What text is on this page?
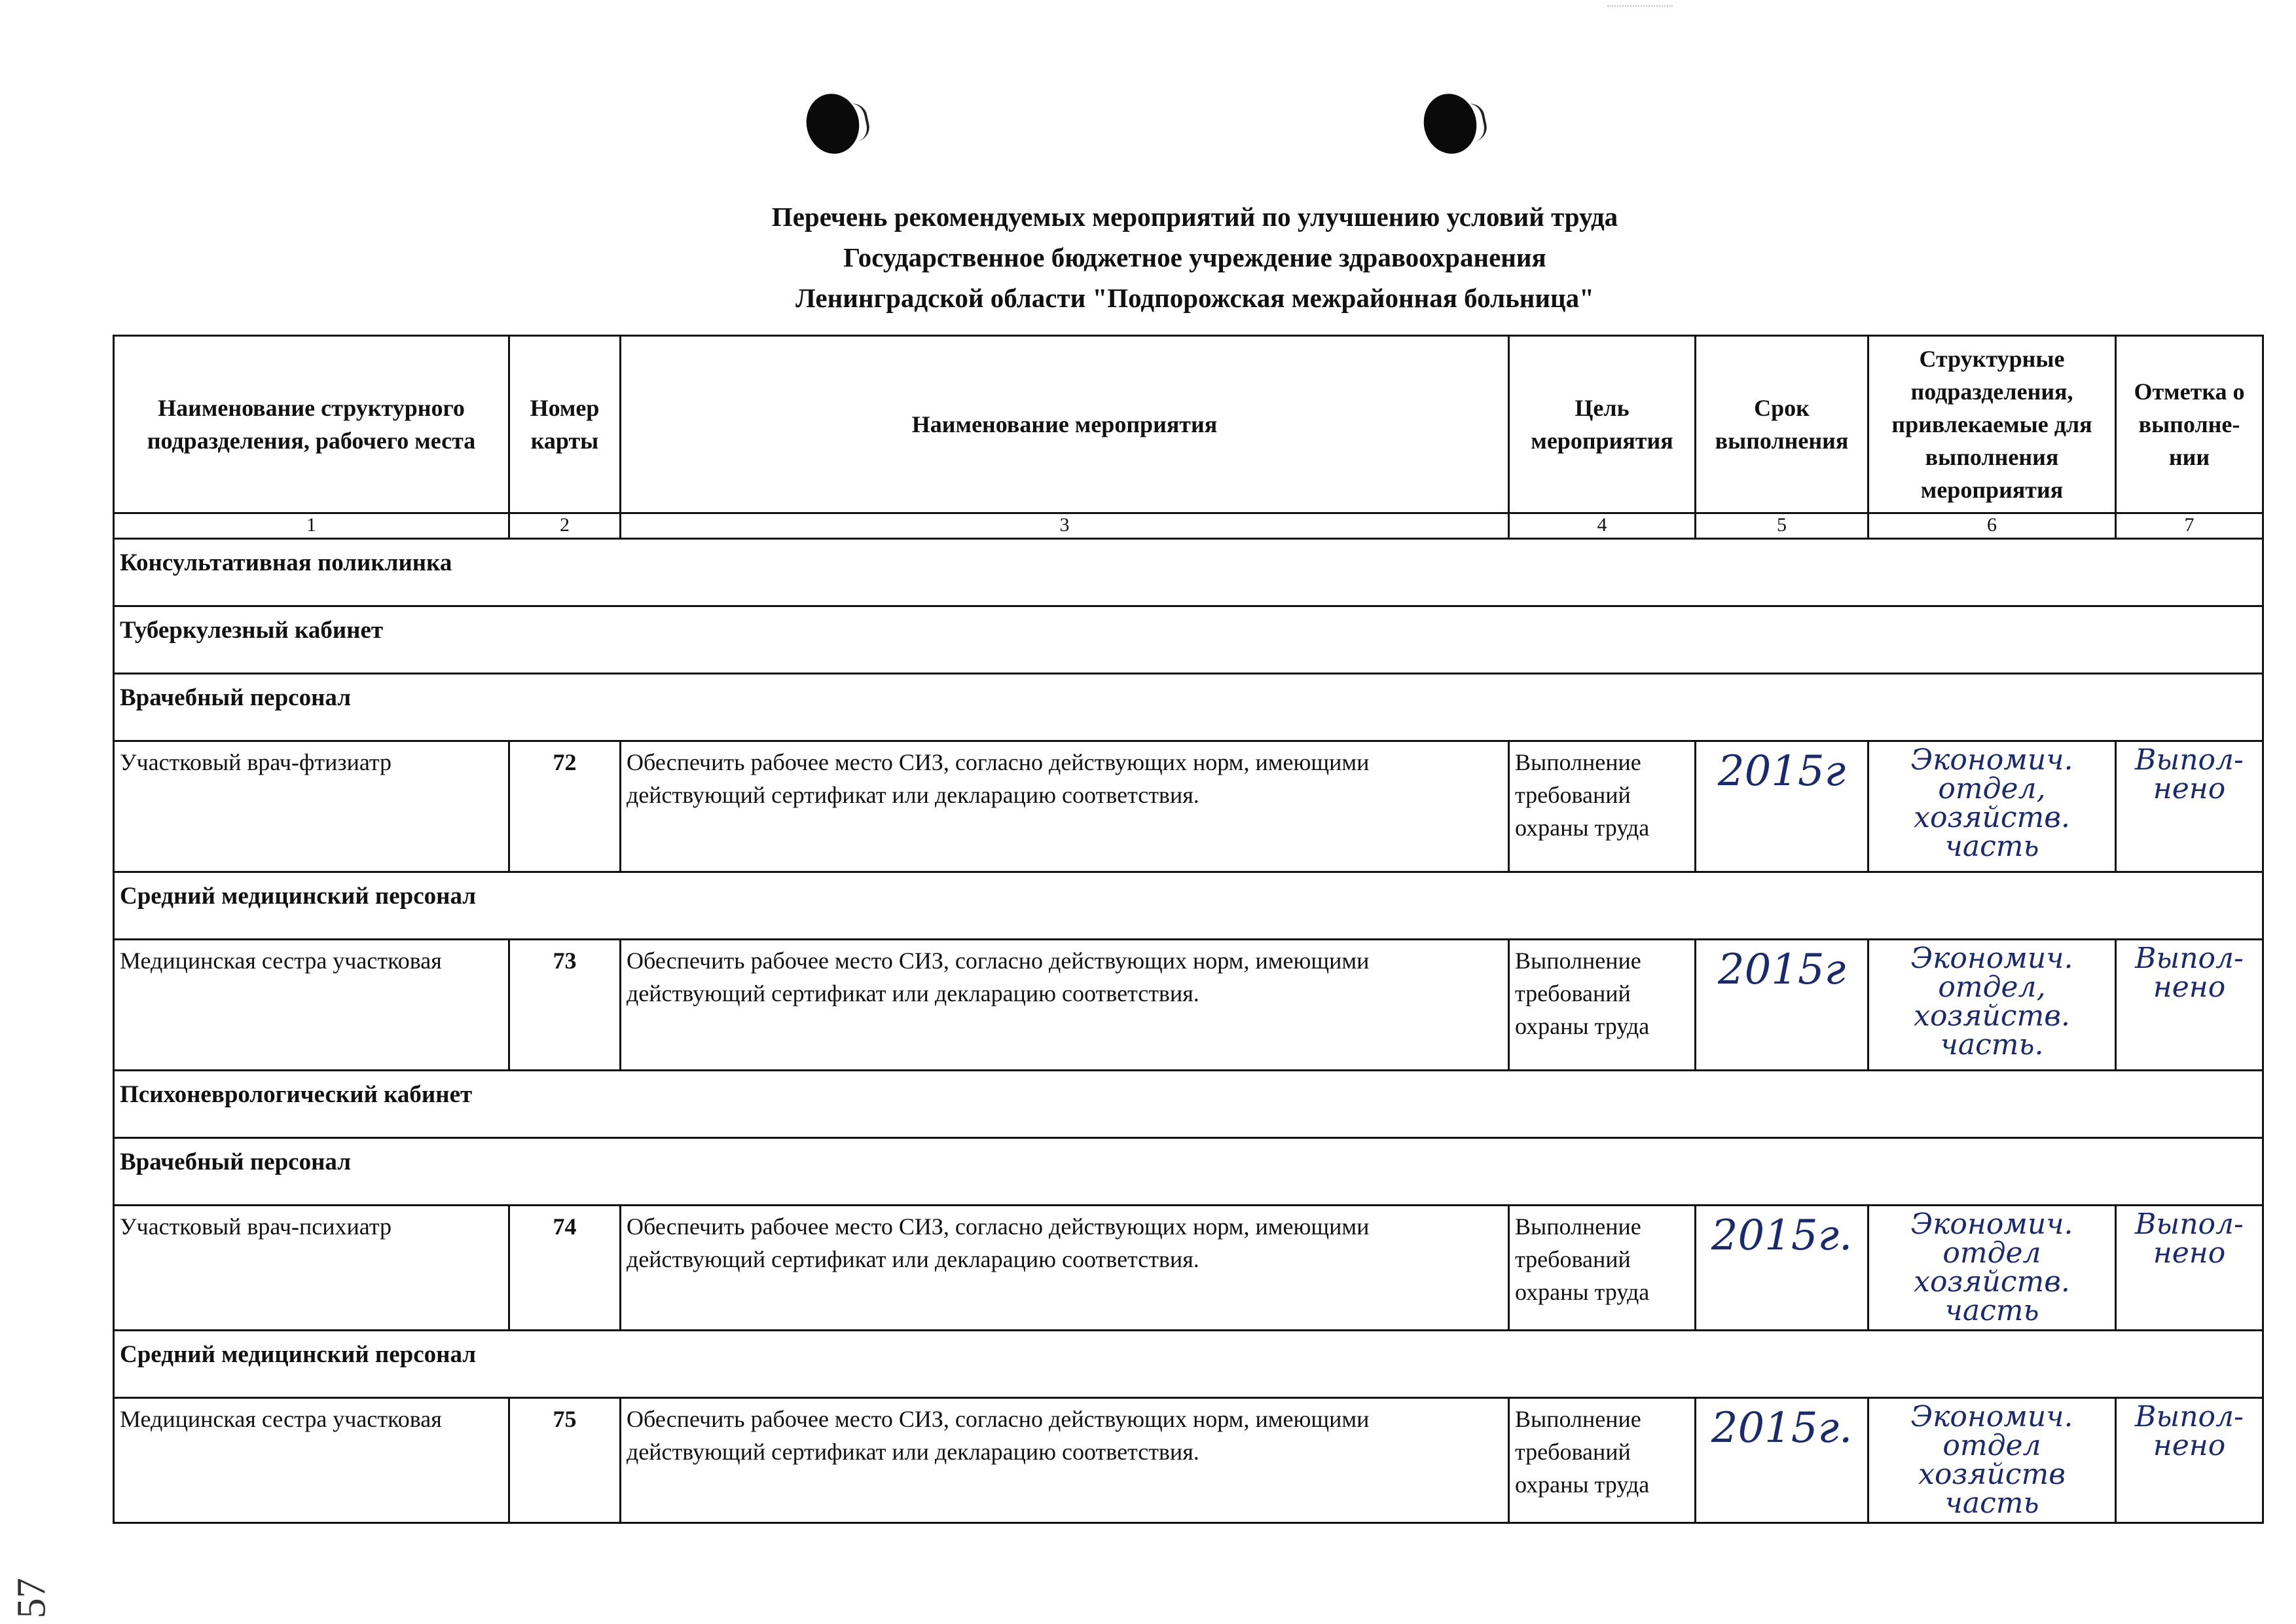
Перечень рекомендуемых мероприятий по улучшению условий труда
Государственное бюджетное учреждение здравоохранения
Ленинградской области "Подпорожская межрайонная больница"
Наименование структурного подразделения, рабочего места	Номер карты	Наименование мероприятия	Цель мероприятия	Срок выполнения	Структурные подразделения, привлекаемые для выполнения мероприятия	Отметка о выполне-нии
1	2	3	4	5	6	7
Консультативная поликлинка						
Туберкулезный кабинет						
Врачебный персонал						
Участковый врач-фтизиатр	72	Обеспечить рабочее место СИЗ, согласно действующих норм, имеющими действующий сертификат или декларацию соответствия.	Выполнение требований охраны труда	2015г	Экономич. отдел, хозяйств. часть	Выпол-нено
Средний медицинский персонал						
Медицинская сестра участковая	73	Обеспечить рабочее место СИЗ, согласно действующих норм, имеющими действующий сертификат или декларацию соответствия.	Выполнение требований охраны труда	2015г	Экономич. отдел, хозяйств. часть.	Выпол-нено
Психоневрологический кабинет						
Врачебный персонал						
Участковый врач-психиатр	74	Обеспечить рабочее место СИЗ, согласно действующих норм, имеющими действующий сертификат или декларацию соответствия.	Выполнение требований охраны труда	2015г.	Экономич. отдел хозяйств. часть	Выпол-нено
Средний медицинский персонал						
Медицинская сестра участковая	75	Обеспечить рабочее место СИЗ, согласно действующих норм, имеющими действующий сертификат или декларацию соответствия.	Выполнение требований охраны труда	2015г.	Экономич. отдел хозяйств часть	Выпол-нено
57
